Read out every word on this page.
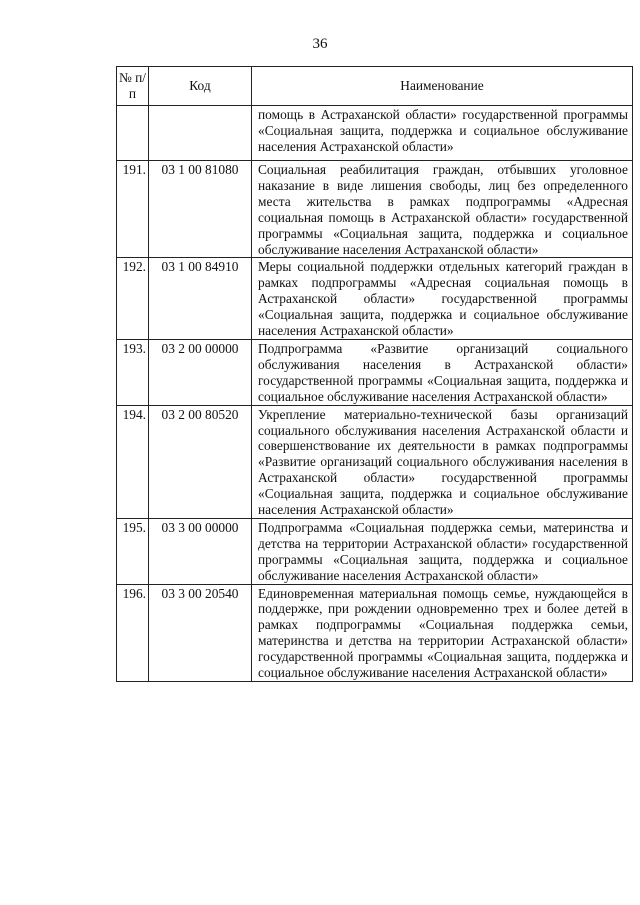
36
№ п/п	Код	Наименование
		помощь в Астраханской области» государственной программы «Социальная защита, поддержка и социальное обслуживание населения Астраханской области»
191.	03 1 00 81080	Социальная реабилитация граждан, отбывших уголовное наказание в виде лишения свободы, лиц без определенного места жительства в рамках подпрограммы «Адресная социальная помощь в Астраханской области» государственной программы «Социальная защита, поддержка и социальное обслуживание населения Астраханской области»
192.	03 1 00 84910	Меры социальной поддержки отдельных категорий граждан в рамках подпрограммы «Адресная социальная помощь в Астраханской области» государственной программы «Социальная защита, поддержка и социальное обслуживание населения Астраханской области»
193.	03 2 00 00000	Подпрограмма «Развитие организаций социального обслуживания населения в Астраханской области» государственной программы «Социальная защита, поддержка и социальное обслуживание населения Астраханской области»
194.	03 2 00 80520	Укрепление материально-технической базы организаций социального обслуживания населения Астраханской области и совершенствование их деятельности в рамках подпрограммы «Развитие организаций социального обслуживания населения в Астраханской области» государственной программы «Социальная защита, поддержка и социальное обслуживание населения Астраханской области»
195.	03 3 00 00000	Подпрограмма «Социальная поддержка семьи, материнства и детства на территории Астраханской области» государственной программы «Социальная защита, поддержка и социальное обслуживание населения Астраханской области»
196.	03 3 00 20540	Единовременная материальная помощь семье, нуждающейся в поддержке, при рождении одновременно трех и более детей в рамках подпрограммы «Социальная поддержка семьи, материнства и детства на территории Астраханской области» государственной программы «Социальная защита, поддержка и социальное обслуживание населения Астраханской области»
